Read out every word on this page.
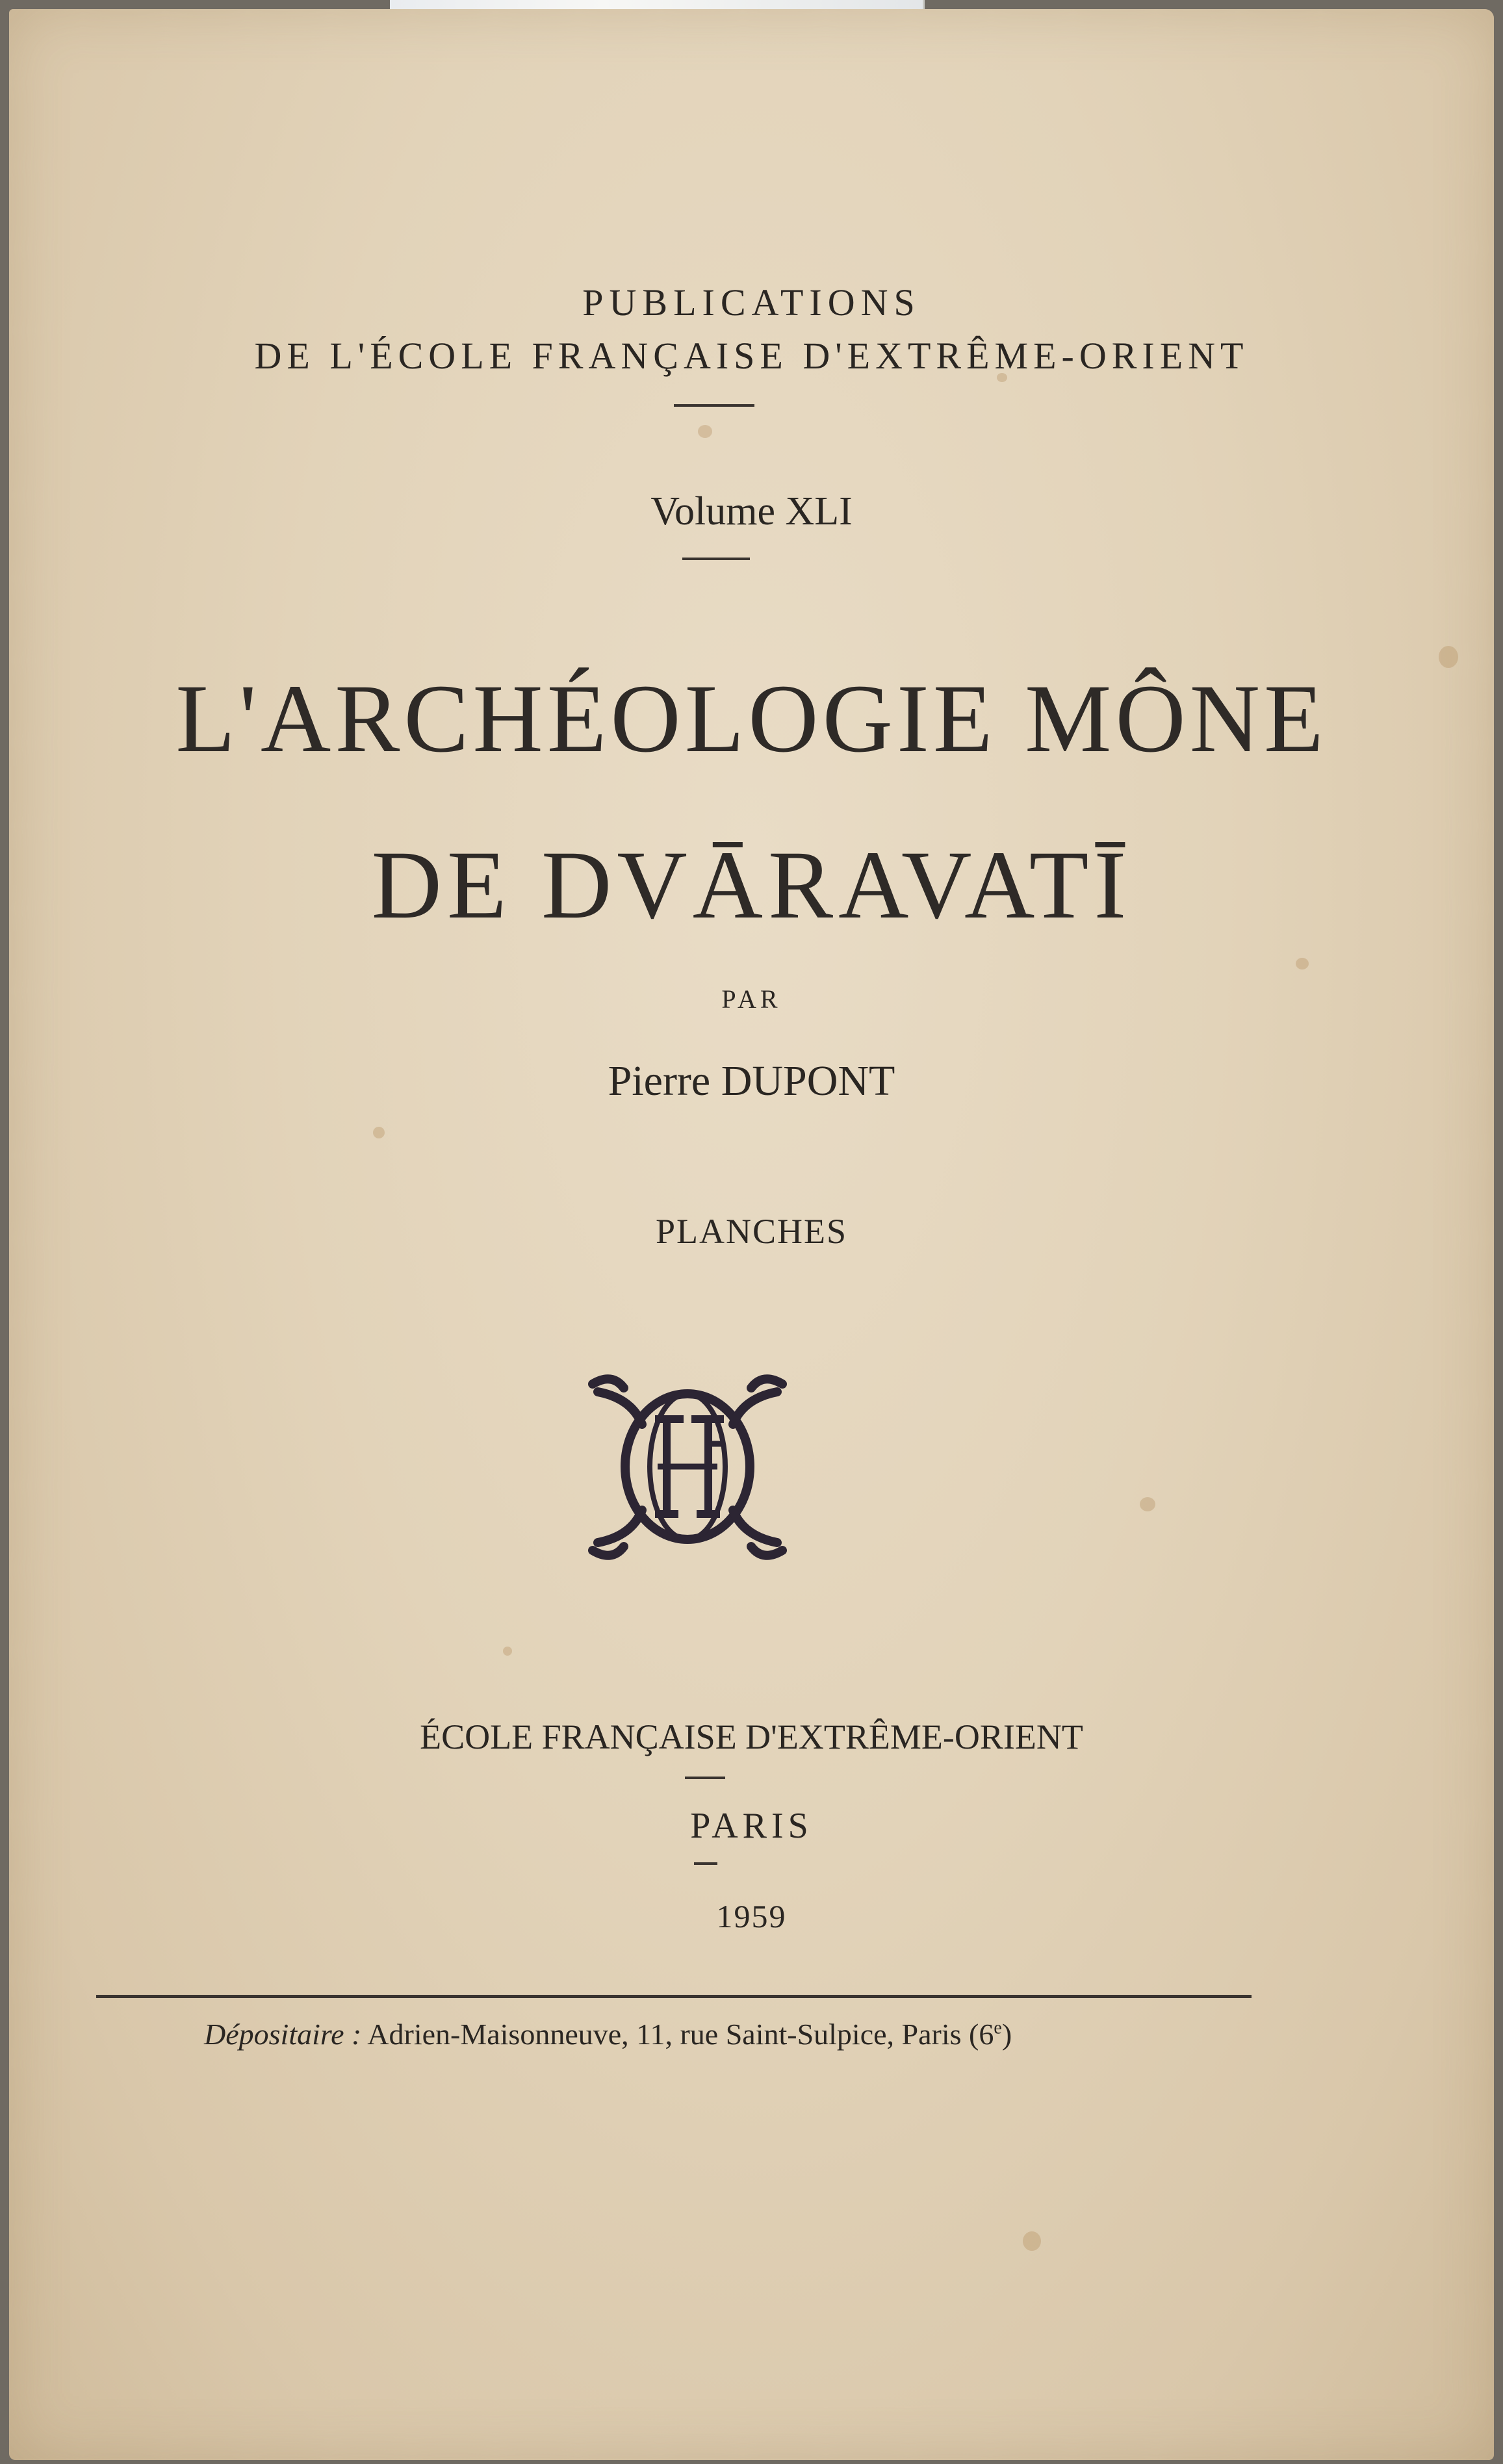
PUBLICATIONS
DE L'ÉCOLE FRANÇAISE D'EXTRÊME-ORIENT
Volume XLI
L'ARCHÉOLOGIE MÔNE
DE DVĀRAVATĪ
PAR
Pierre DUPONT
PLANCHES
ÉCOLE FRANÇAISE D'EXTRÊME-ORIENT
PARIS
1959
Dépositaire : Adrien-Maisonneuve, 11, rue Saint-Sulpice, Paris (6e)
